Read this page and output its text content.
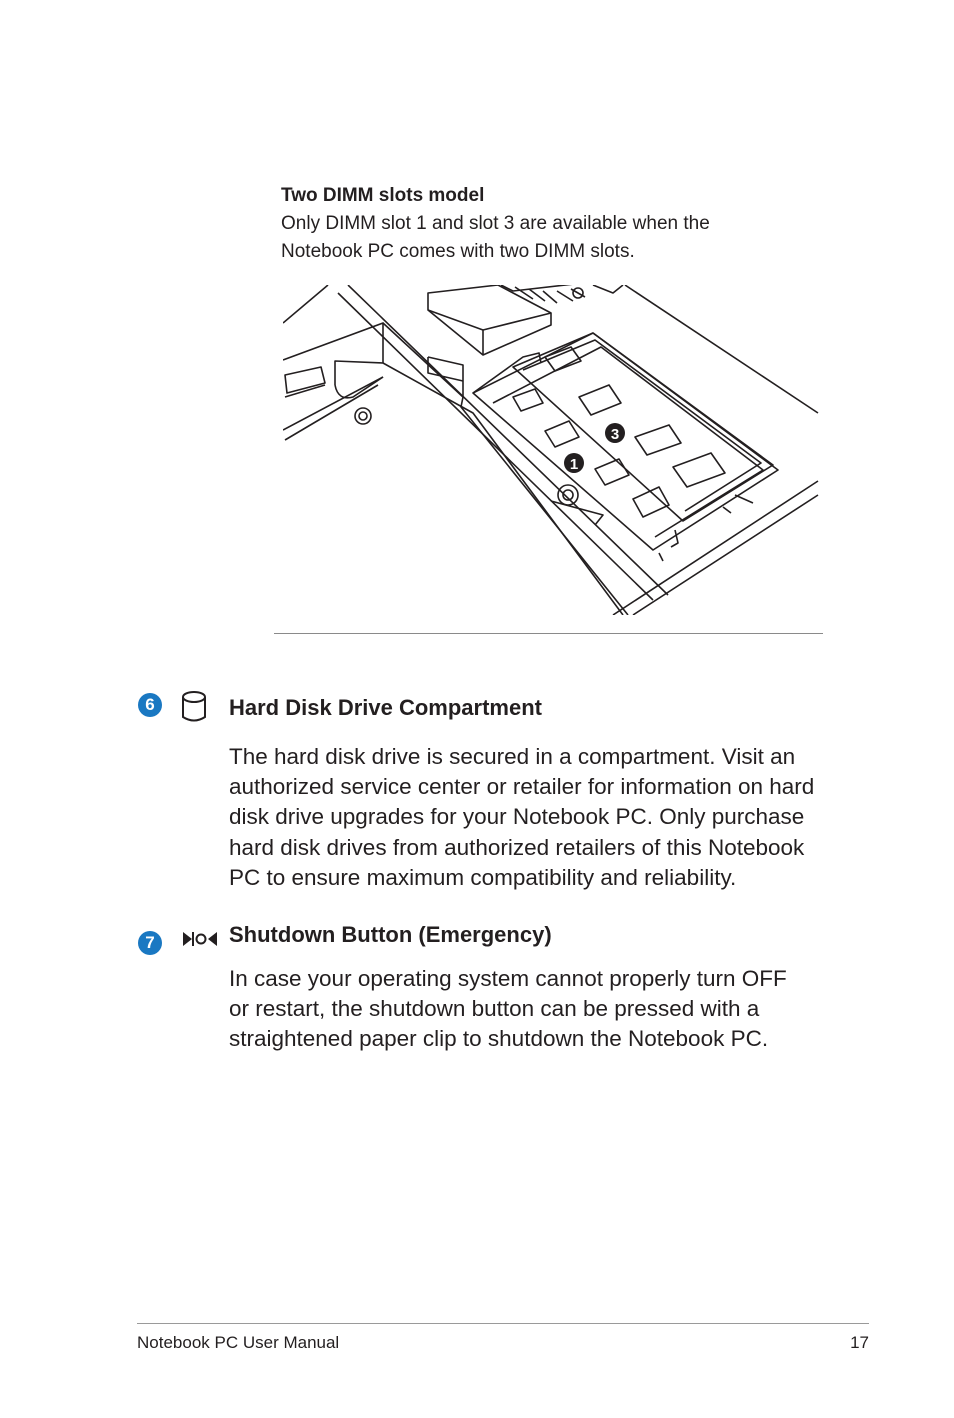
Two DIMM slots model
Only DIMM slot 1 and slot 3 are available when the
Notebook PC comes with two DIMM slots.
3
1
6	Hard Disk Drive Compartment
The hard disk drive is secured in a compartment. Visit an
authorized service center or retailer for information on hard
disk drive upgrades for your Notebook PC. Only purchase
hard disk drives from authorized retailers of this Notebook
PC to ensure maximum compatibility and reliability.
7	Shutdown Button (Emergency)
In case your operating system cannot properly turn OFF
or restart, the shutdown button can be pressed with a
straightened paper clip to shutdown the Notebook PC.
Notebook PC User Manual	17
